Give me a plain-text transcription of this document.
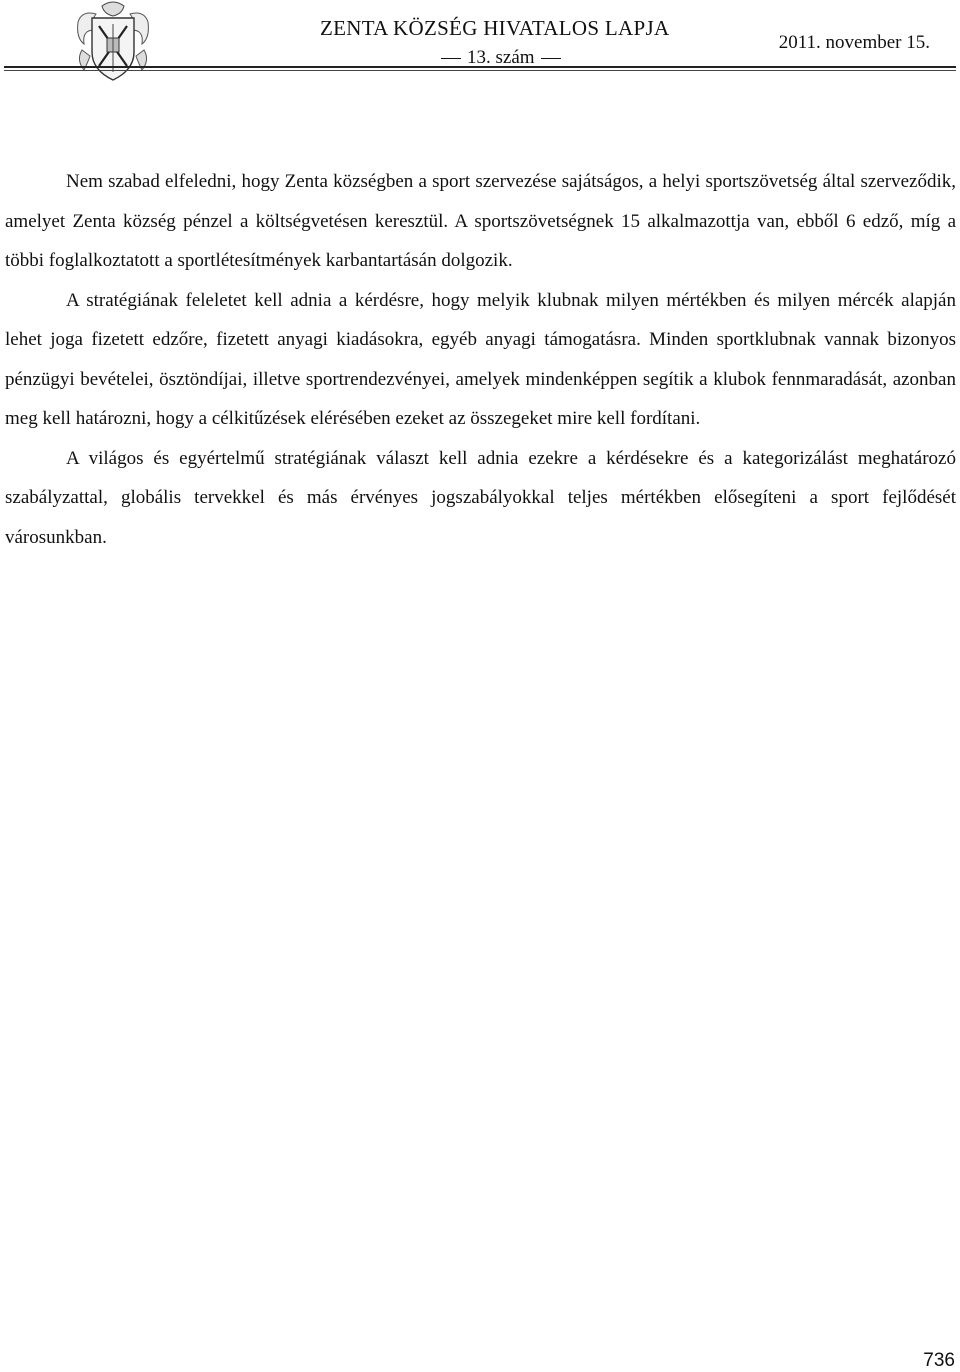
ZENTA KÖZSÉG HIVATALOS LAPJA
13. szám
2011. november 15.

Nem szabad elfeledni, hogy Zenta községben a sport szervezése sajátságos, a helyi sportszövetség által szerveződik, amelyet Zenta község pénzel a költségvetésen keresztül. A sportszövetségnek 15 alkalmazottja van, ebből 6 edző, míg a többi foglalkoztatott a sportlétesítmények karbantartásán dolgozik.

A stratégiának feleletet kell adnia a kérdésre, hogy melyik klubnak milyen mértékben és milyen mércék alapján lehet joga fizetett edzőre, fizetett anyagi kiadásokra, egyéb anyagi támogatásra. Minden sportklubnak vannak bizonyos pénzügyi bevételei, ösztöndíjai, illetve sportrendezvényei, amelyek mindenképpen segítik a klubok fennmaradását, azonban meg kell határozni, hogy a célkitűzések elérésében ezeket az összegeket mire kell fordítani.

A világos és egyértelmű stratégiának választ kell adnia ezekre a kérdésekre és a kategorizálást meghatározó szabályzattal, globális tervekkel és más érvényes jogszabályokkal teljes mértékben elősegíteni a sport fejlődését városunkban.

736
